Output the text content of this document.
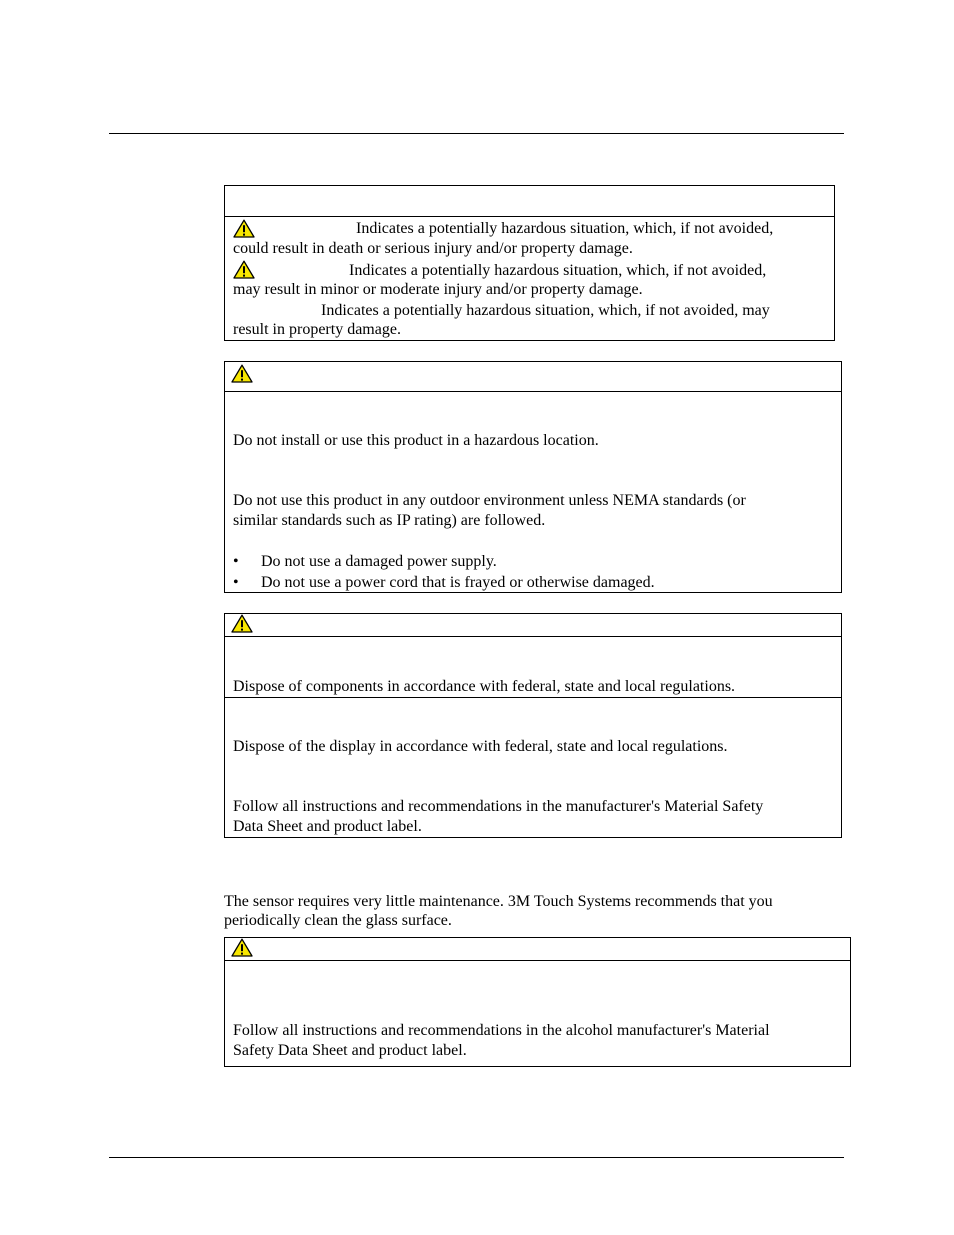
Indicates a potentially hazardous situation, which, if not avoided,
could result in death or serious injury and/or property damage.
Indicates a potentially hazardous situation, which, if not avoided,
may result in minor or moderate injury and/or property damage.
Indicates a potentially hazardous situation, which, if not avoided, may
result in property damage.
Do not install or use this product in a hazardous location.
Do not use this product in any outdoor environment unless NEMA standards (or
similar standards such as IP rating) are followed.
• Do not use a damaged power supply.
• Do not use a power cord that is frayed or otherwise damaged.
Dispose of components in accordance with federal, state and local regulations.
Dispose of the display in accordance with federal, state and local regulations.
Follow all instructions and recommendations in the manufacturer's Material Safety
Data Sheet and product label.
The sensor requires very little maintenance. 3M Touch Systems recommends that you
periodically clean the glass surface.
Follow all instructions and recommendations in the alcohol manufacturer's Material
Safety Data Sheet and product label.
